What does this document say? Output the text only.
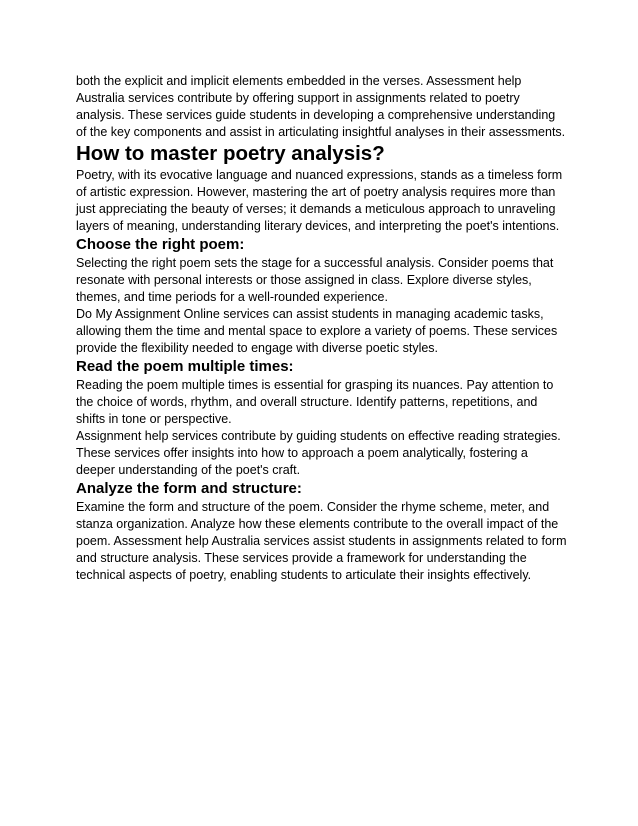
both the explicit and implicit elements embedded in the verses. Assessment help Australia services contribute by offering support in assignments related to poetry analysis. These services guide students in developing a comprehensive understanding of the key components and assist in articulating insightful analyses in their assessments.

How to master poetry analysis?

Poetry, with its evocative language and nuanced expressions, stands as a timeless form of artistic expression. However, mastering the art of poetry analysis requires more than just appreciating the beauty of verses; it demands a meticulous approach to unraveling layers of meaning, understanding literary devices, and interpreting the poet's intentions.

Choose the right poem:

Selecting the right poem sets the stage for a successful analysis. Consider poems that resonate with personal interests or those assigned in class. Explore diverse styles, themes, and time periods for a well-rounded experience.

Do My Assignment Online services can assist students in managing academic tasks, allowing them the time and mental space to explore a variety of poems. These services provide the flexibility needed to engage with diverse poetic styles.

Read the poem multiple times:

Reading the poem multiple times is essential for grasping its nuances. Pay attention to the choice of words, rhythm, and overall structure. Identify patterns, repetitions, and shifts in tone or perspective.

Assignment help services contribute by guiding students on effective reading strategies. These services offer insights into how to approach a poem analytically, fostering a deeper understanding of the poet's craft.

Analyze the form and structure:

Examine the form and structure of the poem. Consider the rhyme scheme, meter, and stanza organization. Analyze how these elements contribute to the overall impact of the poem. Assessment help Australia services assist students in assignments related to form and structure analysis. These services provide a framework for understanding the technical aspects of poetry, enabling students to articulate their insights effectively.
